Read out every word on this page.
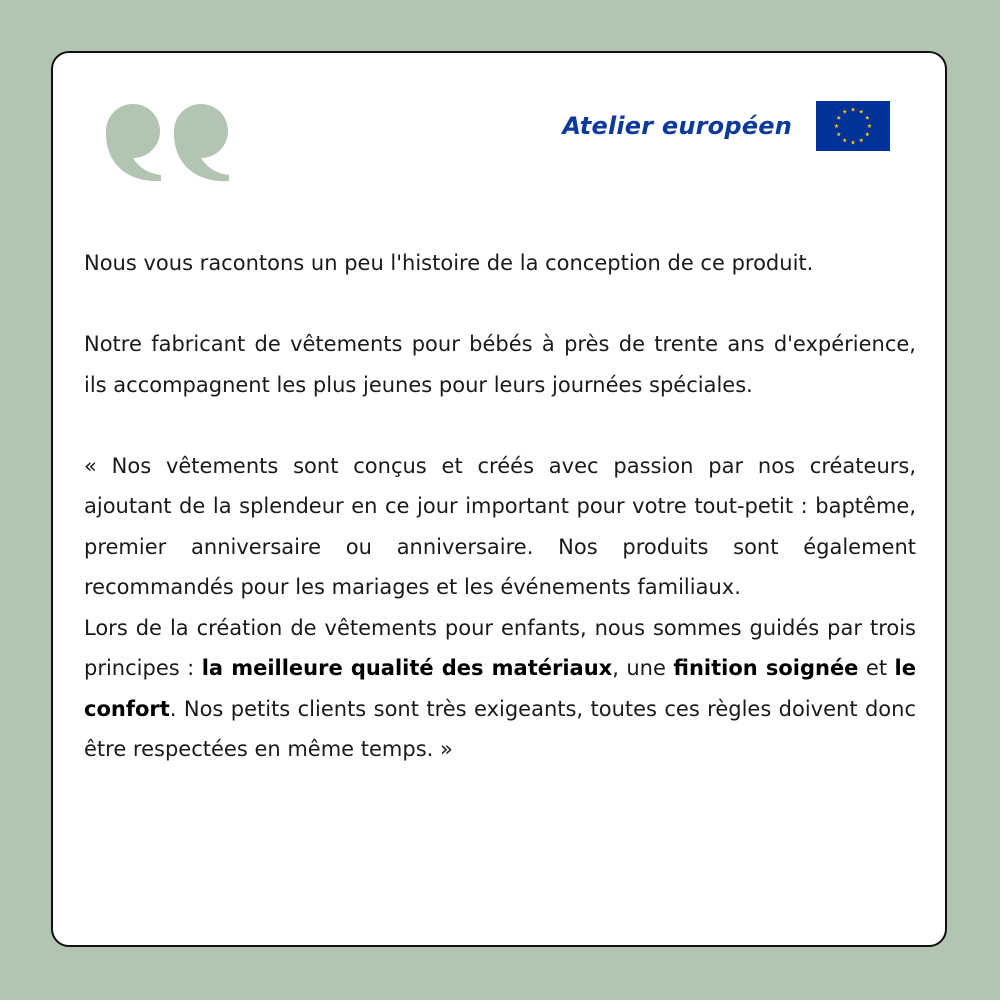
Atelier européen

Nous vous racontons un peu l'histoire de la conception de ce produit.

Notre fabricant de vêtements pour bébés à près de trente ans d'expérience, ils accompagnent les plus jeunes pour leurs journées spéciales.

« Nos vêtements sont conçus et créés avec passion par nos créateurs, ajoutant de la splendeur en ce jour important pour votre tout-petit : baptême, premier anniversaire ou anniversaire. Nos produits sont également recommandés pour les mariages et les événements familiaux.

Lors de la création de vêtements pour enfants, nous sommes guidés par trois principes : la meilleure qualité des matériaux, une finition soignée et le confort. Nos petits clients sont très exigeants, toutes ces règles doivent donc être respectées en même temps. »
